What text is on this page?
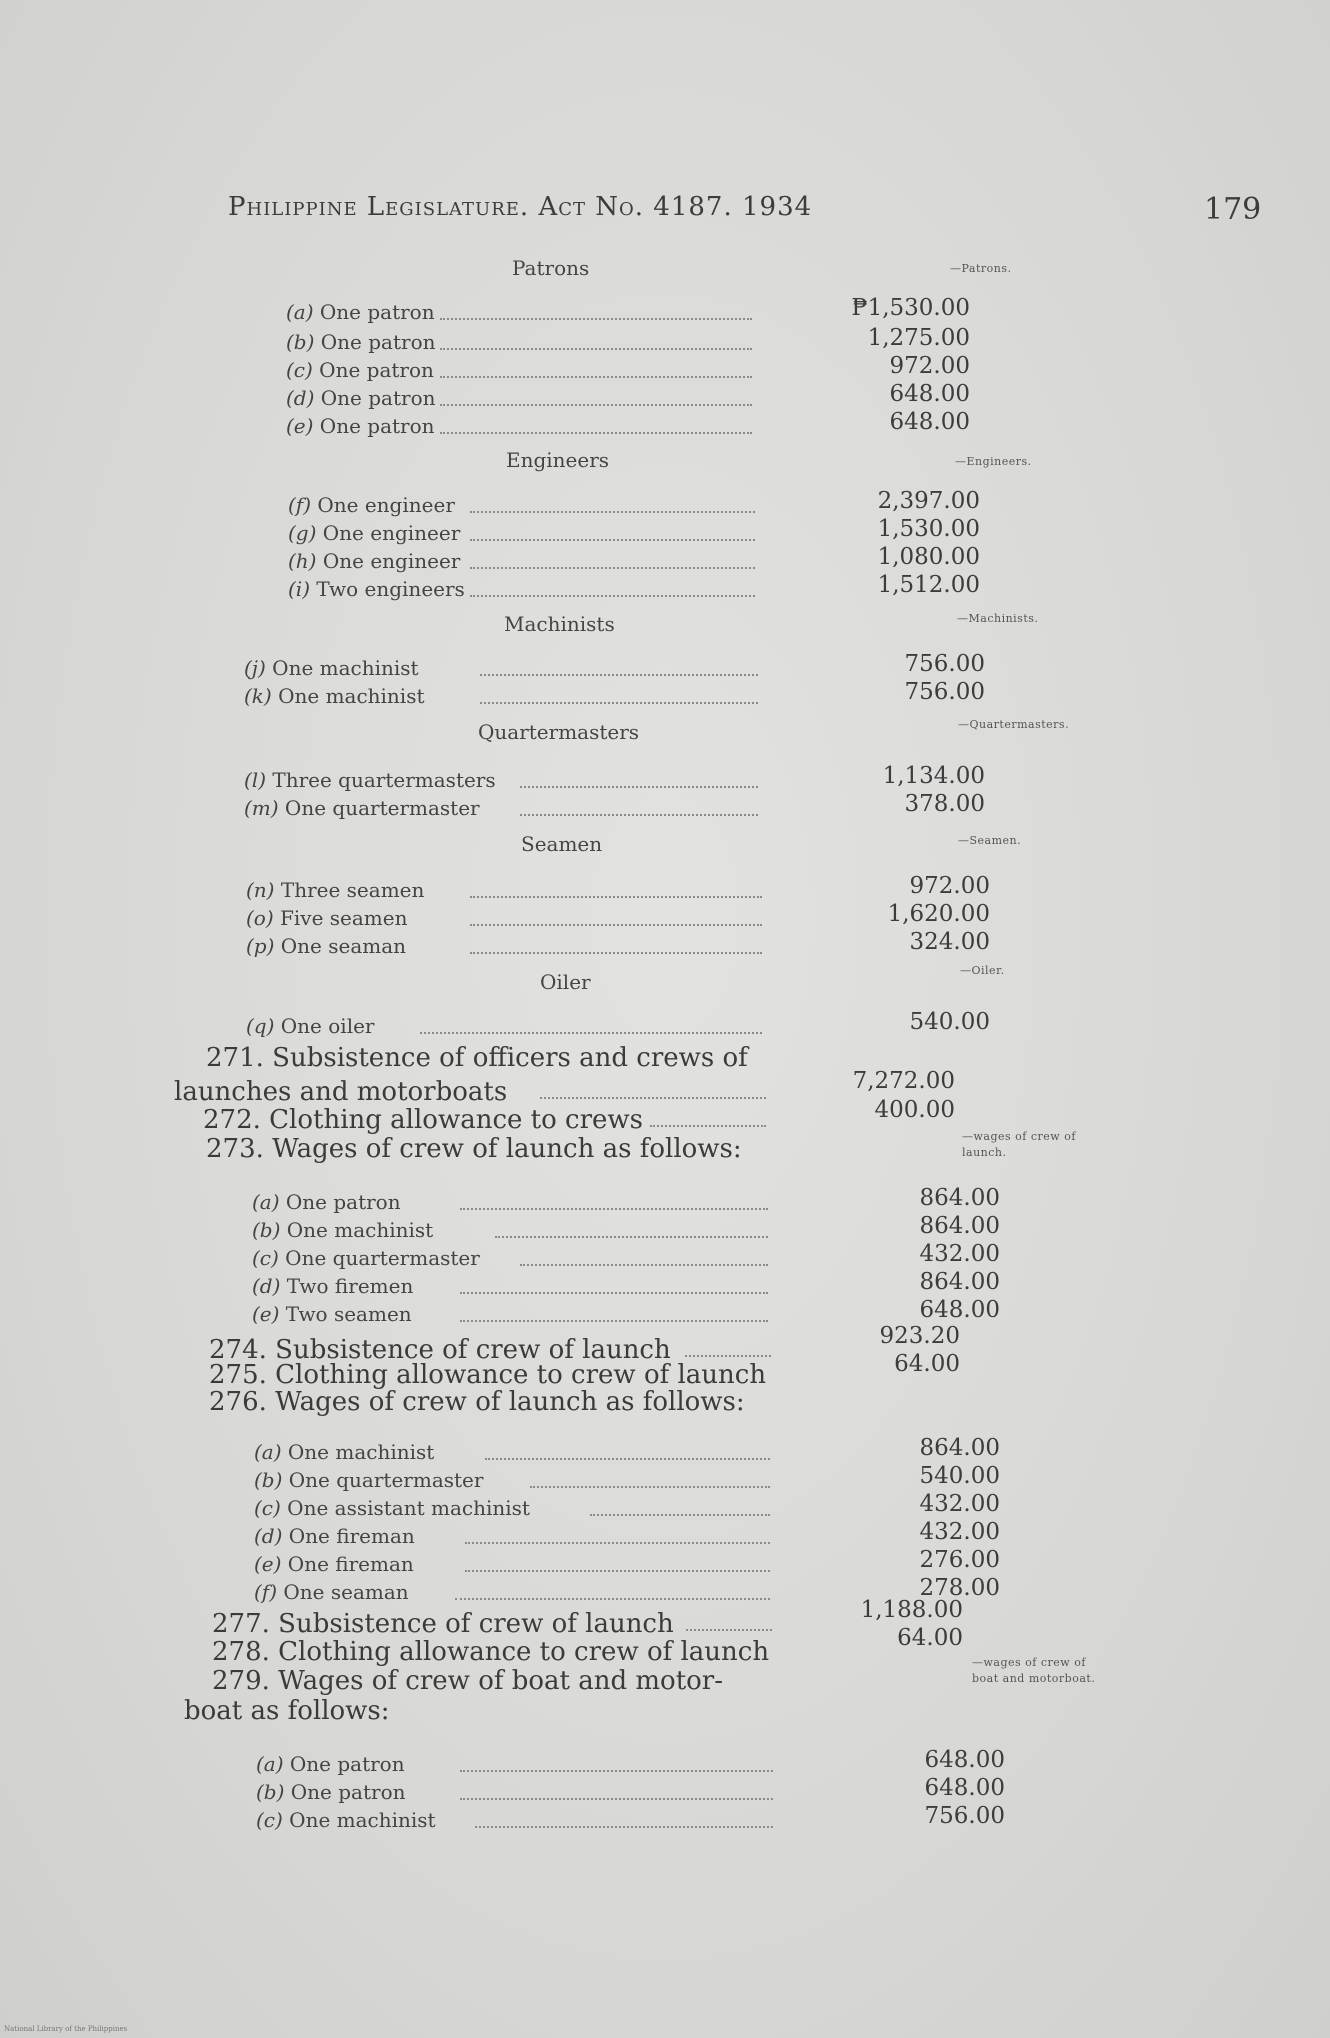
Philippine Legislature. Act No. 4187. 1934	179
Patrons	—Patrons.
Engineers	—Engineers.
Machinists	—Machinists.
Quartermasters	—Quartermasters.
Seamen	—Seamen.
Oiler	—Oiler.
(a) One patron	₱1,530.00
(b) One patron	1,275.00
(c) One patron	972.00
(d) One patron	648.00
(e) One patron	648.00
(f) One engineer	2,397.00
(g) One engineer	1,530.00
(h) One engineer	1,080.00
(i) Two engineers	1,512.00
(j) One machinist	756.00
(k) One machinist	756.00
(l) Three quartermasters	1,134.00
(m) One quartermaster	378.00
(n) Three seamen	972.00
(o) Five seamen	1,620.00
(p) One seaman	324.00
(q) One oiler	540.00
(a) One patron	864.00
(b) One machinist	864.00
(c) One quartermaster	432.00
(d) Two firemen	864.00
(e) Two seamen	648.00
(a) One machinist	864.00
(b) One quartermaster	540.00
(c) One assistant machinist	432.00
(d) One fireman	432.00
(e) One fireman	276.00
(f) One seaman	278.00
(a) One patron	648.00
(b) One patron	648.00
(c) One machinist	756.00
271. Subsistence of officers and crews of
launches and motorboats	7,272.00
272. Clothing allowance to crews	400.00
273. Wages of crew of launch as follows:	—wages of crew of
launch.
274. Subsistence of crew of launch	923.20
275. Clothing allowance to crew of launch	64.00
276. Wages of crew of launch as follows:
277. Subsistence of crew of launch	1,188.00
278. Clothing allowance to crew of launch	64.00
279. Wages of crew of boat and motor-
boat as follows:
—wages of crew of
boat and motorboat.
National Library of the Philippines
